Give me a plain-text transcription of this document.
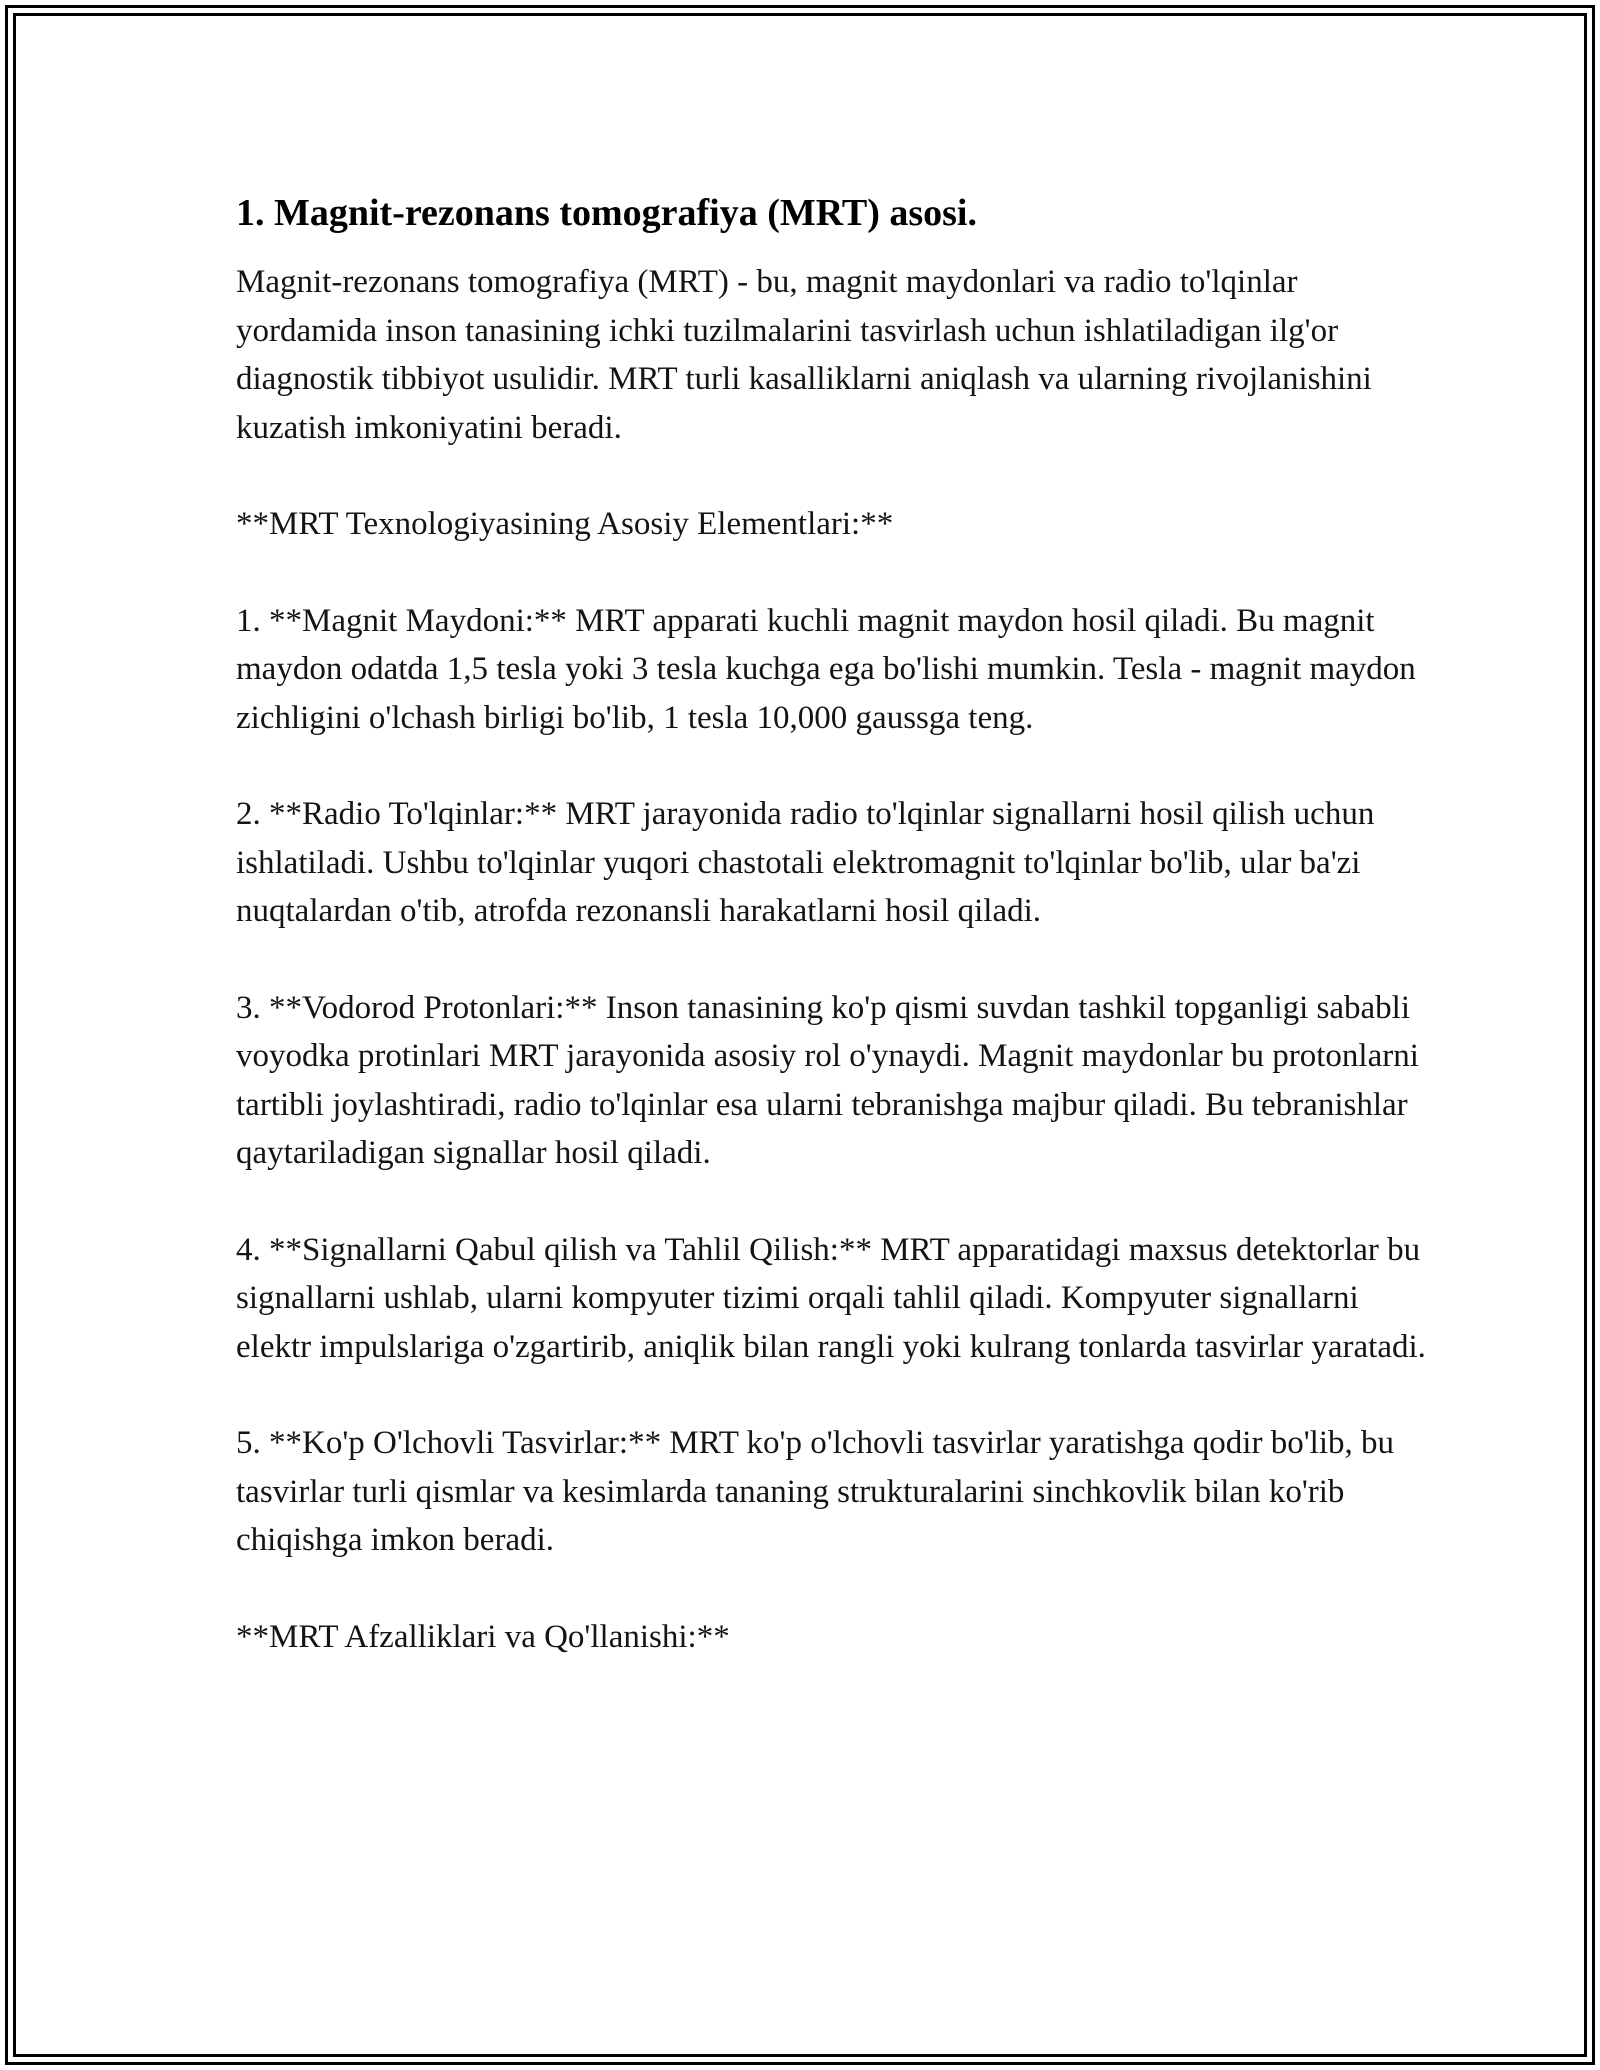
1. Magnit-rezonans tomografiya (MRT) asosi.

Magnit-rezonans tomografiya (MRT) - bu, magnit maydonlari va radio to'lqinlar yordamida inson tanasining ichki tuzilmalarini tasvirlash uchun ishlatiladigan ilg'or diagnostik tibbiyot usulidir. MRT turli kasalliklarni aniqlash va ularning rivojlanishini kuzatish imkoniyatini beradi.

**MRT Texnologiyasining Asosiy Elementlari:**

1. **Magnit Maydoni:** MRT apparati kuchli magnit maydon hosil qiladi. Bu magnit maydon odatda 1,5 tesla yoki 3 tesla kuchga ega bo'lishi mumkin. Tesla - magnit maydon zichligini o'lchash birligi bo'lib, 1 tesla 10,000 gaussga teng.

2. **Radio To'lqinlar:** MRT jarayonida radio to'lqinlar signallarni hosil qilish uchun ishlatiladi. Ushbu to'lqinlar yuqori chastotali elektromagnit to'lqinlar bo'lib, ular ba'zi nuqtalardan o'tib, atrofda rezonansli harakatlarni hosil qiladi.

3. **Vodorod Protonlari:** Inson tanasining ko'p qismi suvdan tashkil topganligi sababli voyodka protinlari MRT jarayonida asosiy rol o'ynaydi. Magnit maydonlar bu protonlarni tartibli joylashtiradi, radio to'lqinlar esa ularni tebranishga majbur qiladi. Bu tebranishlar qaytariladigan signallar hosil qiladi.

4. **Signallarni Qabul qilish va Tahlil Qilish:** MRT apparatidagi maxsus detektorlar bu signallarni ushlab, ularni kompyuter tizimi orqali tahlil qiladi. Kompyuter signallarni elektr impulslariga o'zgartirib, aniqlik bilan rangli yoki kulrang tonlarda tasvirlar yaratadi.

5. **Ko'p O'lchovli Tasvirlar:** MRT ko'p o'lchovli tasvirlar yaratishga qodir bo'lib, bu tasvirlar turli qismlar va kesimlarda tananing strukturalarini sinchkovlik bilan ko'rib chiqishga imkon beradi.

**MRT Afzalliklari va Qo'llanishi:**
